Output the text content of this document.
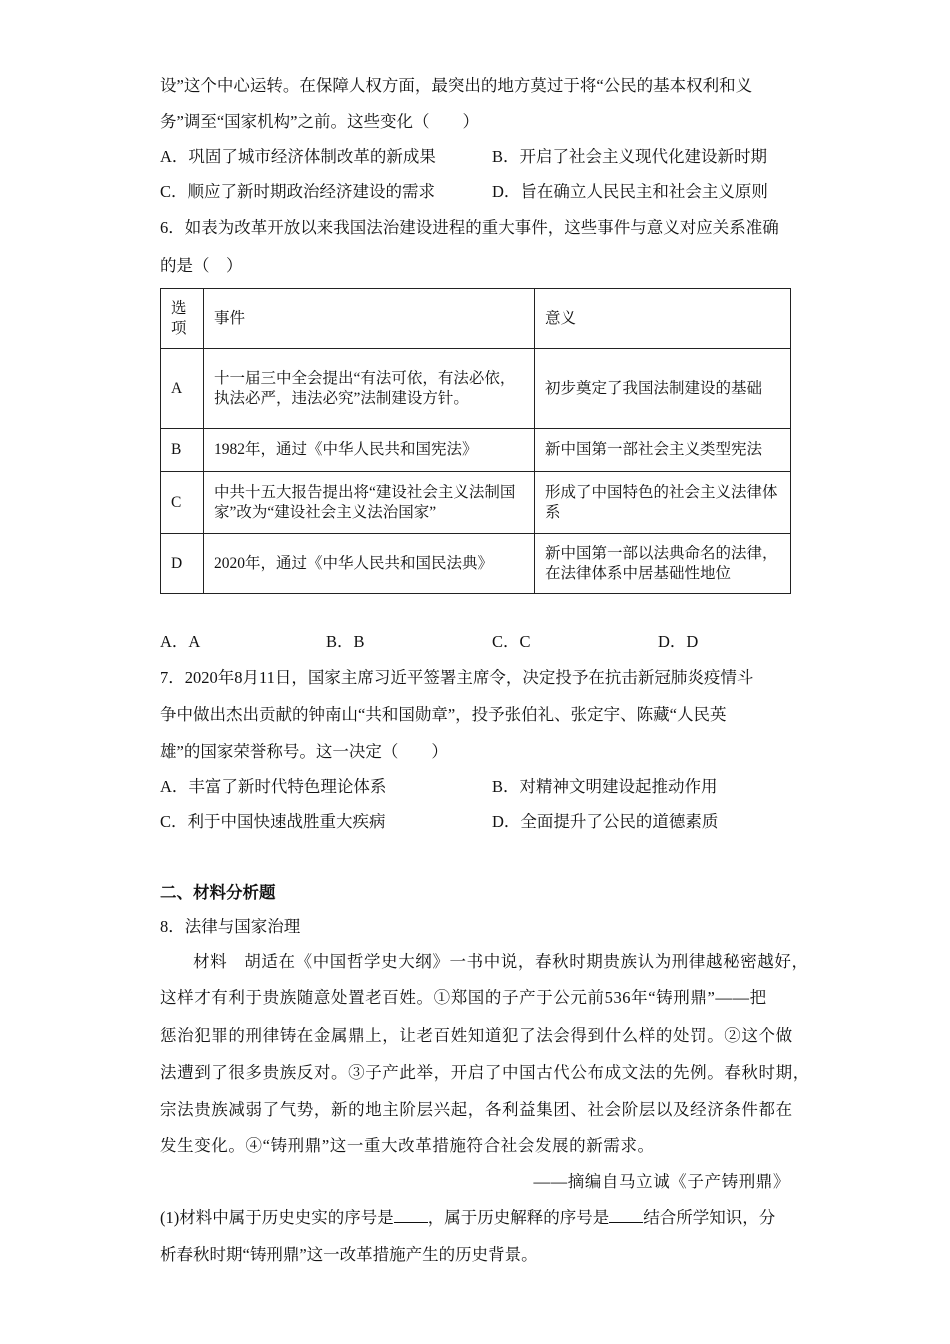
设”这个中心运转。在保障人权方面，最突出的地方莫过于将“公民的基本权利和义
务”调至“国家机构”之前。这些变化（　　）
A．巩固了城市经济体制改革的新成果	B．开启了社会主义现代化建设新时期
C．顺应了新时期政治经济建设的需求	D．旨在确立人民民主和社会主义原则
6．如表为改革开放以来我国法治建设进程的重大事件，这些事件与意义对应关系准确
的是（　）
选项	事件	意义
A	十一届三中全会提出“有法可依，有法必依，执法必严，违法必究”法制建设方针。	初步奠定了我国法制建设的基础
B	1982年，通过《中华人民共和国宪法》	新中国第一部社会主义类型宪法
C	中共十五大报告提出将“建设社会主义法制国家”改为“建设社会主义法治国家”	形成了中国特色的社会主义法律体系
D	2020年，通过《中华人民共和国民法典》	新中国第一部以法典命名的法律，在法律体系中居基础性地位
A．A	B．B	C．C	D．D
7．2020年8月11日，国家主席习近平签署主席令，决定投予在抗击新冠肺炎疫情斗
争中做出杰出贡献的钟南山“共和国勋章”，投予张伯礼、张定宇、陈藏“人民英
雄”的国家荣誉称号。这一决定（　　）
A．丰富了新时代特色理论体系	B．对精神文明建设起推动作用
C．利于中国快速战胜重大疾病	D．全面提升了公民的道德素质
二、材料分析题
8．法律与国家治理
材料　胡适在《中国哲学史大纲》一书中说，春秋时期贵族认为刑律越秘密越好，
这样才有利于贵族随意处置老百姓。①郑国的子产于公元前536年“铸刑鼎”——把
惩治犯罪的刑律铸在金属鼎上，让老百姓知道犯了法会得到什么样的处罚。②这个做
法遭到了很多贵族反对。③子产此举，开启了中国古代公布成文法的先例。春秋时期，
宗法贵族减弱了气势，新的地主阶层兴起，各利益集团、社会阶层以及经济条件都在
发生变化。④“铸刑鼎”这一重大改革措施符合社会发展的新需求。
——摘编自马立诚《子产铸刑鼎》
(1)材料中属于历史史实的序号是 ，属于历史解释的序号是 结合所学知识，分
析春秋时期“铸刑鼎”这一改革措施产生的历史背景。
